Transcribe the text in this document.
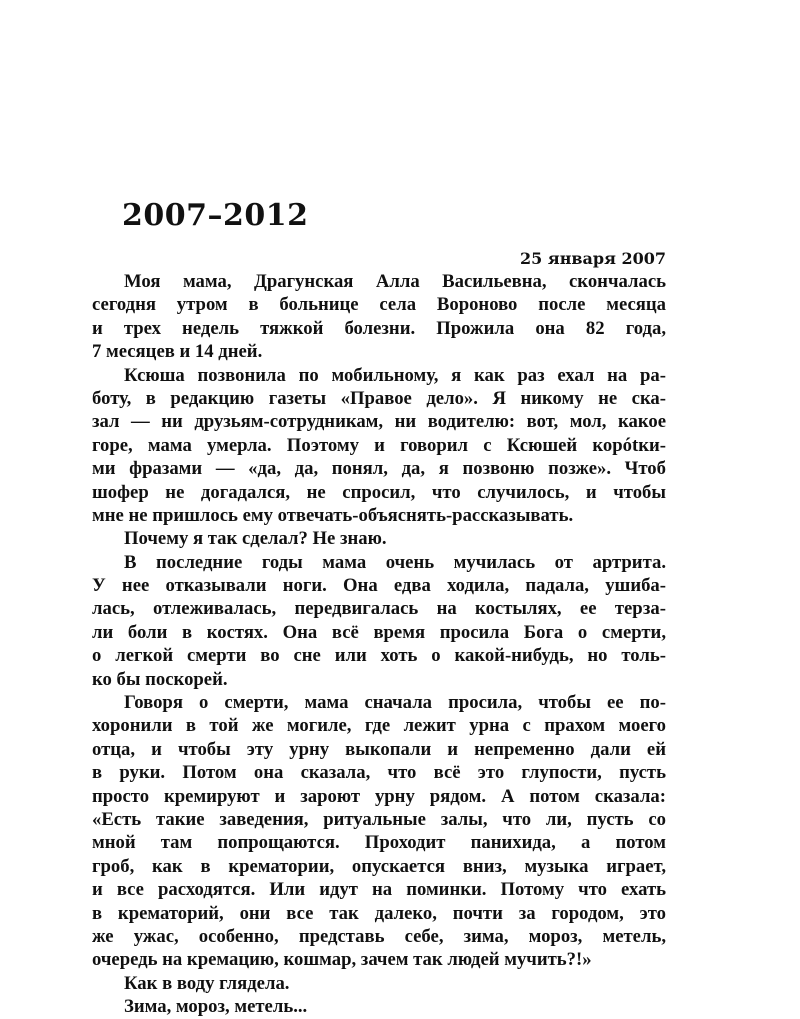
2007–2012
25 января 2007
Моя мама, Драгунская Алла Васильевна, скончалась
сегодня утром в больнице села Вороново после месяца
и трех недель тяжкой болезни. Прожила она 82 года,
7 месяцев и 14 дней.
Ксюша позвонила по мобильному, я как раз ехал на ра-
боту, в редакцию газеты «Правое дело». Я никому не ска-
зал — ни друзьям-сотрудникам, ни водителю: вот, мол, какое
горе, мама умерла. Поэтому и говорил с Ксюшей корótки-
ми фразами — «да, да, понял, да, я позвоню позже». Чтоб
шофер не догадался, не спросил, что случилось, и чтобы
мне не пришлось ему отвечать-объяснять-рассказывать.
Почему я так сделал? Не знаю.
В последние годы мама очень мучилась от артрита.
У нее отказывали ноги. Она едва ходила, падала, ушиба-
лась, отлеживалась, передвигалась на костылях, ее терза-
ли боли в костях. Она всё время просила Бога о смерти,
о легкой смерти во сне или хоть о какой-нибудь, но толь-
ко бы поскорей.
Говоря о смерти, мама сначала просила, чтобы ее по-
хоронили в той же могиле, где лежит урна с прахом моего
отца, и чтобы эту урну выкопали и непременно дали ей
в руки. Потом она сказала, что всё это глупости, пусть
просто кремируют и зароют урну рядом. А потом сказала:
«Есть такие заведения, ритуальные залы, что ли, пусть со
мной там попрощаются. Проходит панихида, а потом
гроб, как в крематории, опускается вниз, музыка играет,
и все расходятся. Или идут на поминки. Потому что ехать
в крематорий, они все так далеко, почти за городом, это
же ужас, особенно, представь себе, зима, мороз, метель,
очередь на кремацию, кошмар, зачем так людей мучить?!»
Как в воду глядела.
Зима, мороз, метель...
